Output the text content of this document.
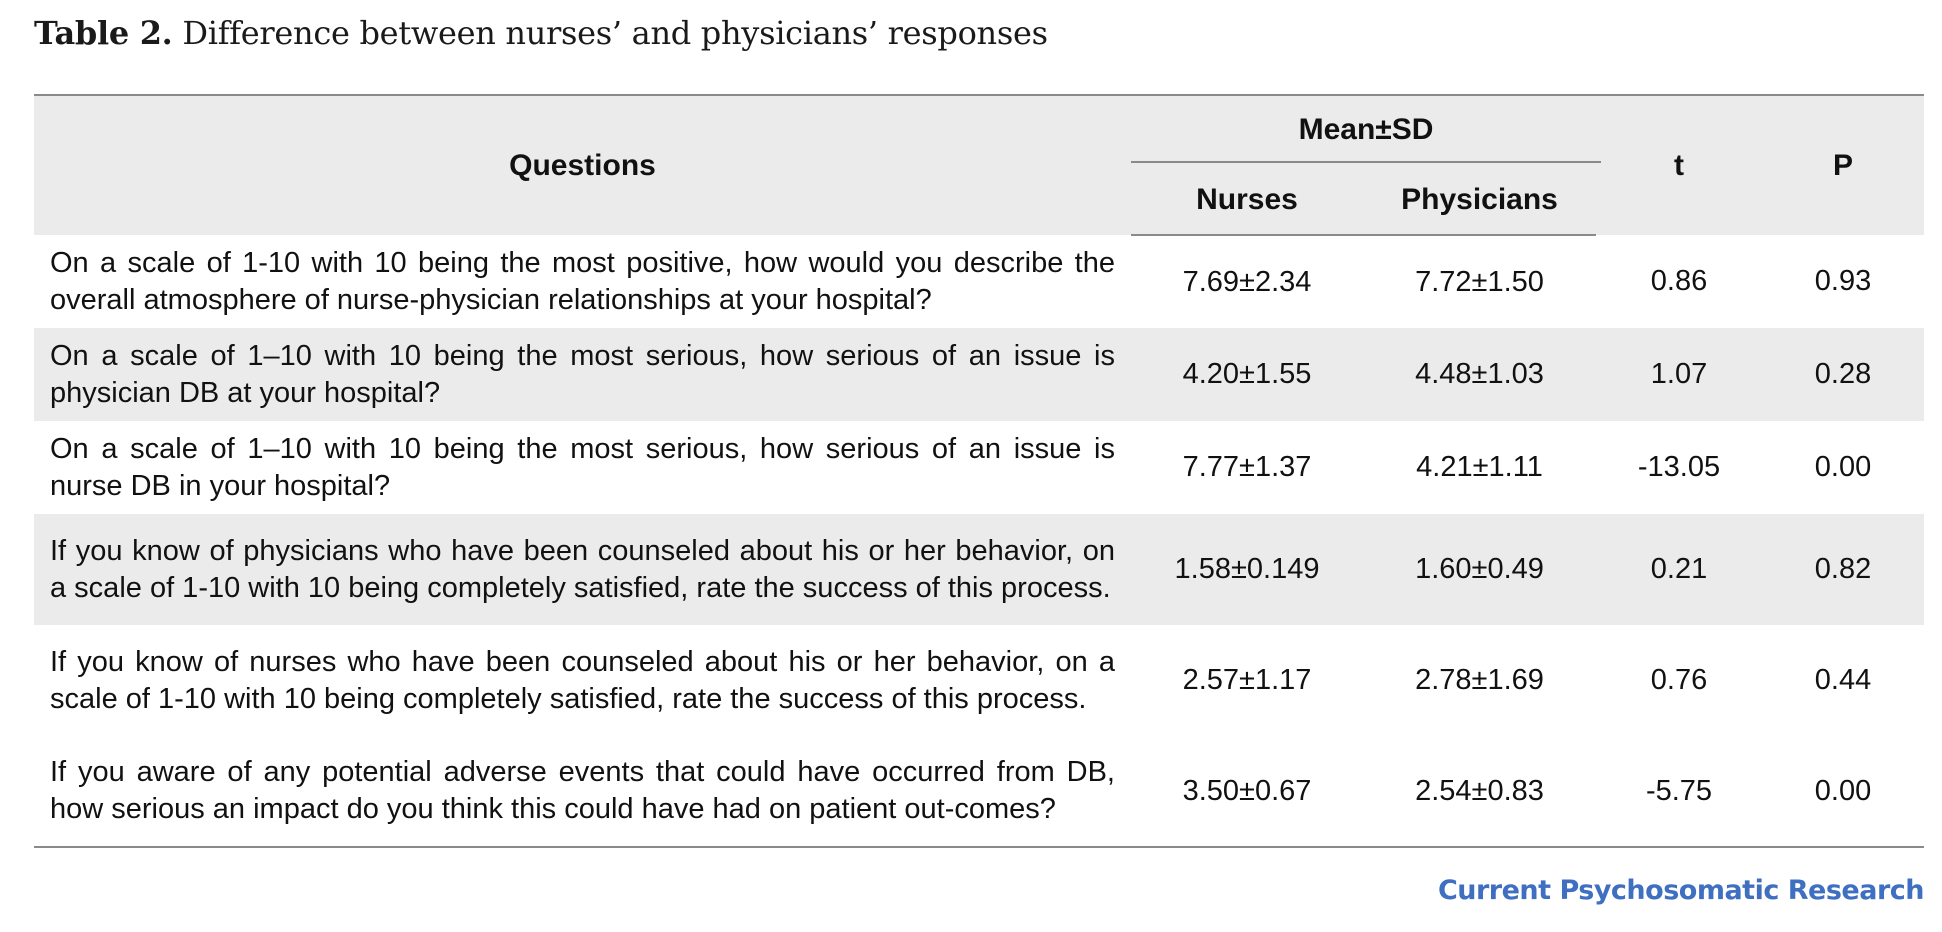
Table 2. Difference between nurses’ and physicians’ responses
Questions	Mean±SD		t	P
	Nurses	Physicians		
On a scale of 1-10 with 10 being the most positive, how would you describe the overall atmosphere of nurse-physician relationships at your hospital?	7.69±2.34	7.72±1.50	0.86	0.93
On a scale of 1–10 with 10 being the most serious, how serious of an issue is physician DB at your hospital?	4.20±1.55	4.48±1.03	1.07	0.28
On a scale of 1–10 with 10 being the most serious, how serious of an issue is nurse DB in your hospital?	7.77±1.37	4.21±1.11	-13.05	0.00
If you know of physicians who have been counseled about his or her behavior, on a scale of 1-10 with 10 being completely satisfied, rate the success of this process.	1.58±0.149	1.60±0.49	0.21	0.82
If you know of nurses who have been counseled about his or her behavior, on a scale of 1-10 with 10 being completely satisfied, rate the success of this process.	2.57±1.17	2.78±1.69	0.76	0.44
If you aware of any potential adverse events that could have occurred from DB, how serious an impact do you think this could have had on patient out-comes?	3.50±0.67	2.54±0.83	-5.75	0.00
Current Psychosomatic Research
